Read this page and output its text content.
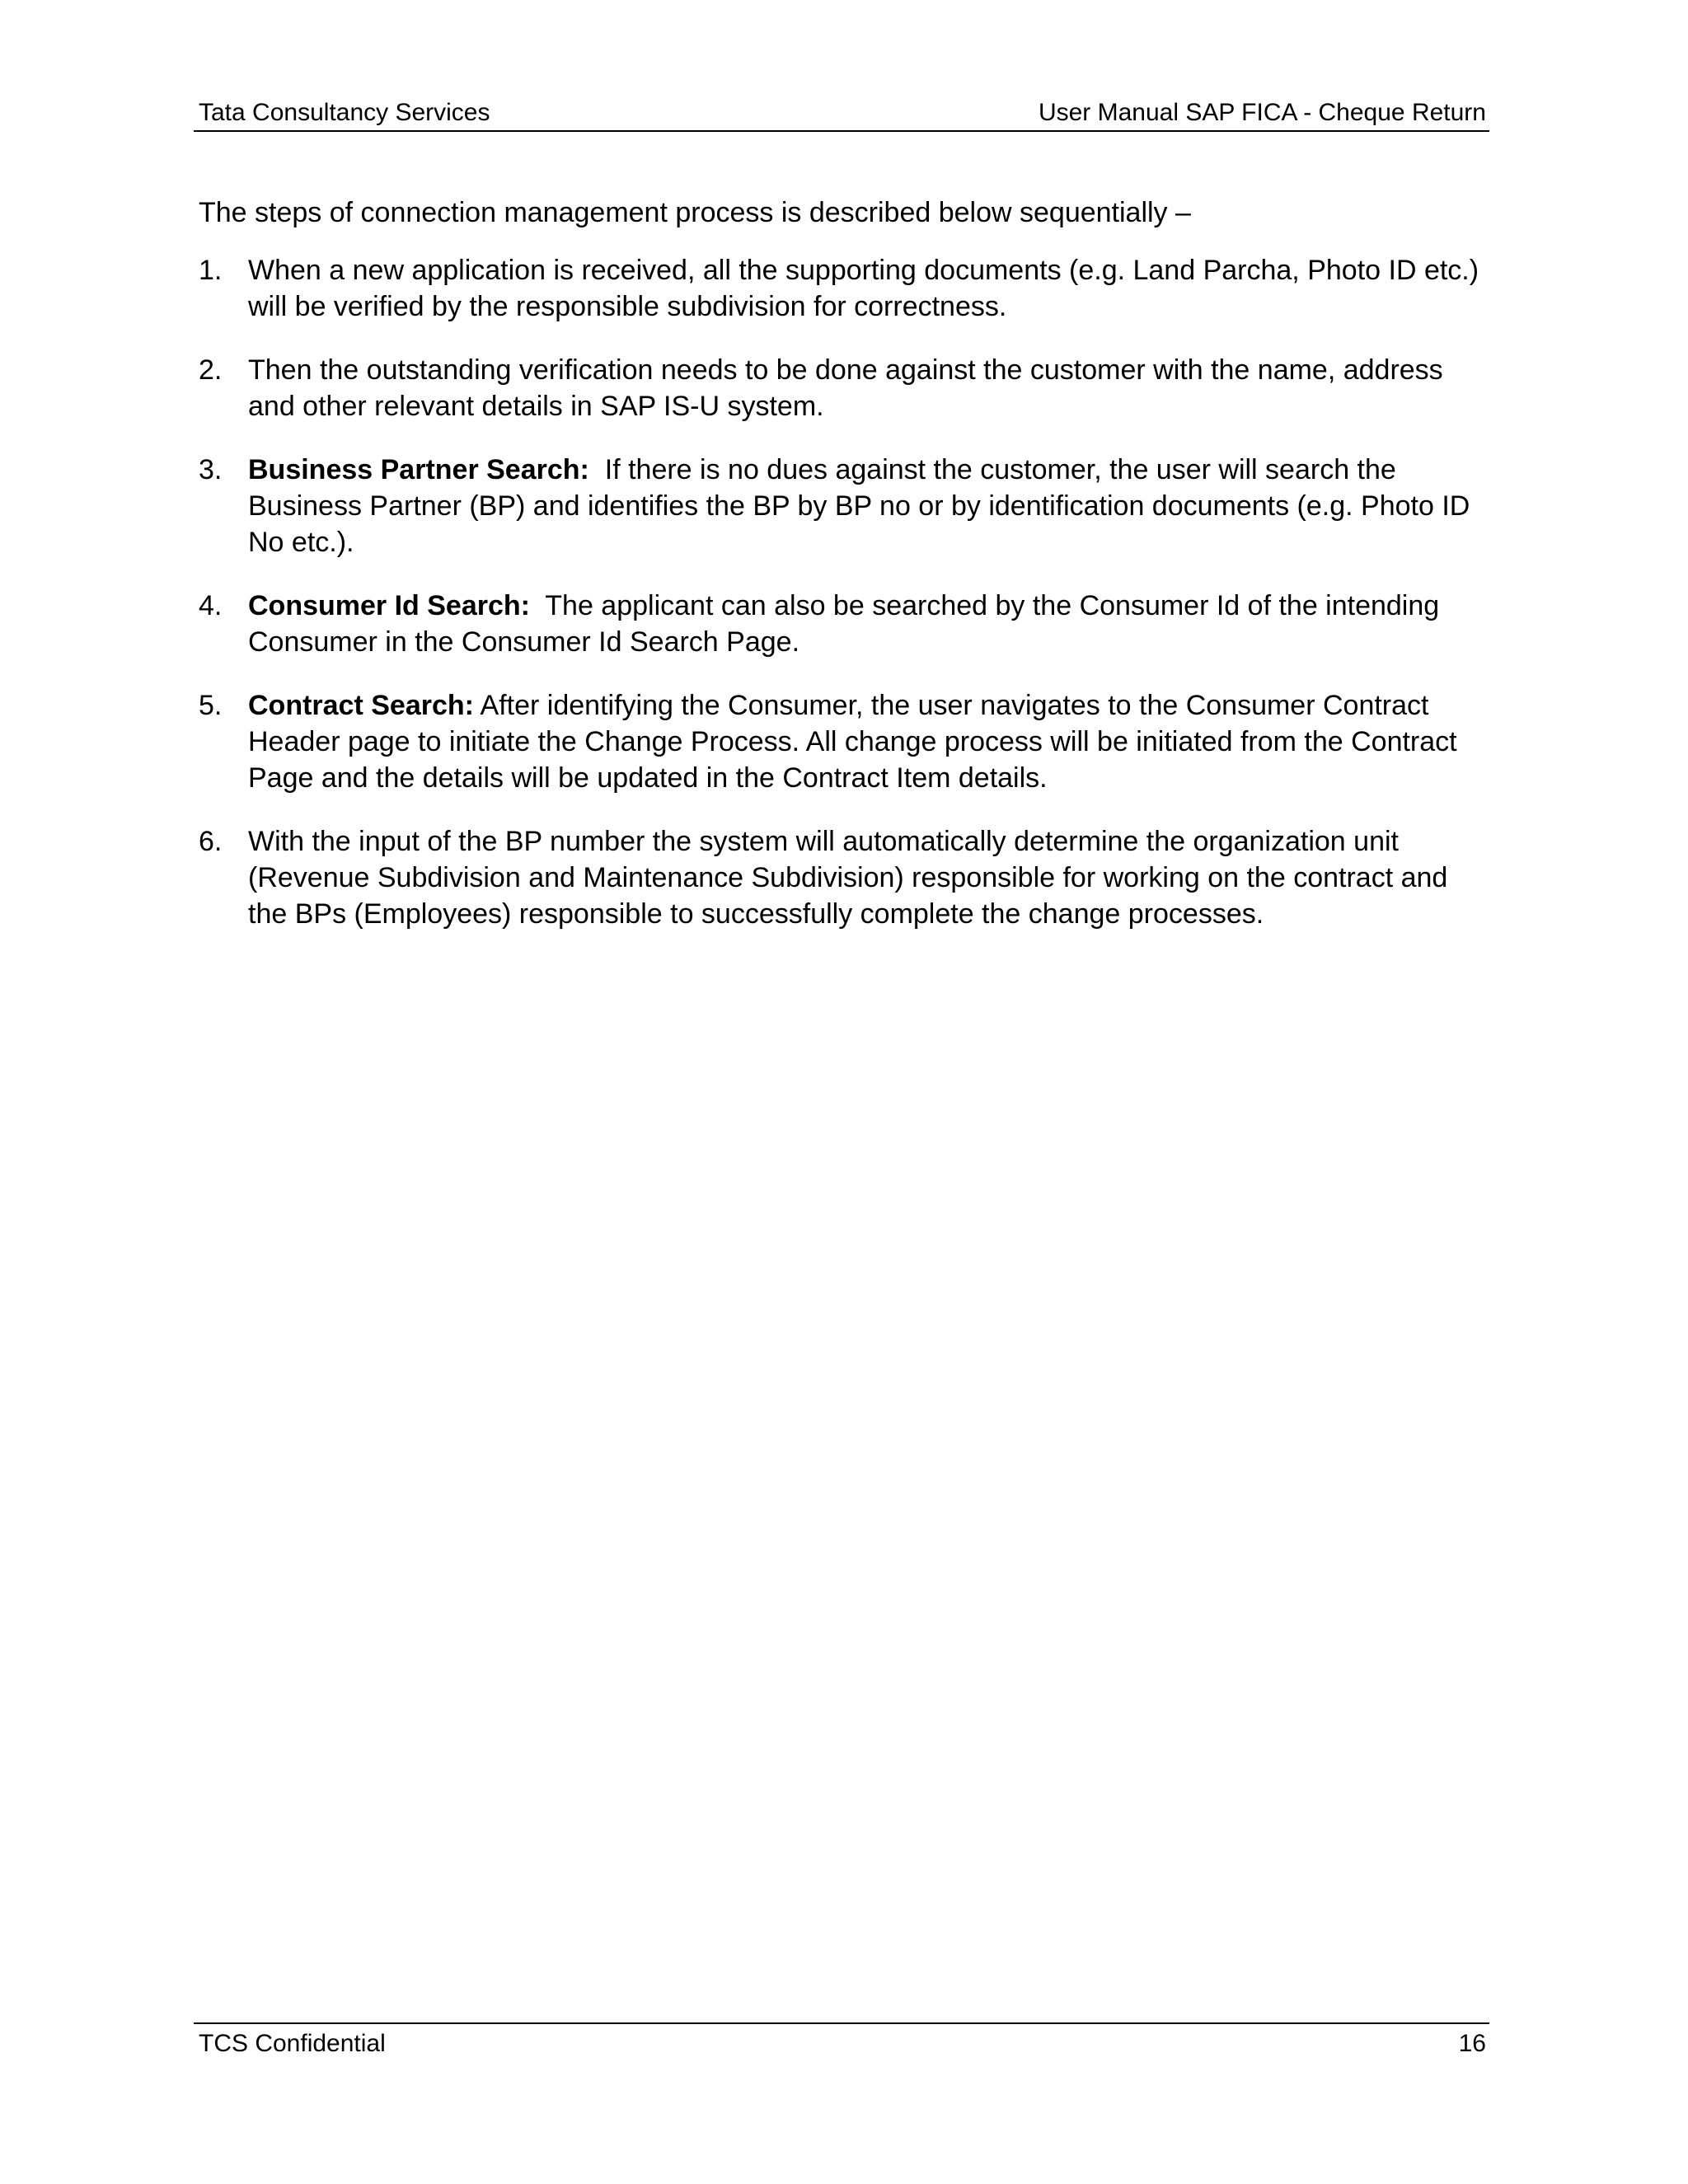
Tata Consultancy Services	User Manual SAP FICA - Cheque Return

The steps of connection management process is described below sequentially –

1. When a new application is received, all the supporting documents (e.g. Land Parcha, Photo ID etc.) will be verified by the responsible subdivision for correctness.
2. Then the outstanding verification needs to be done against the customer with the name, address and other relevant details in SAP IS-U system.
3. Business Partner Search: If there is no dues against the customer, the user will search the Business Partner (BP) and identifies the BP by BP no or by identification documents (e.g. Photo ID No etc.).
4. Consumer Id Search: The applicant can also be searched by the Consumer Id of the intending Consumer in the Consumer Id Search Page.
5. Contract Search: After identifying the Consumer, the user navigates to the Consumer Contract Header page to initiate the Change Process. All change process will be initiated from the Contract Page and the details will be updated in the Contract Item details.
6. With the input of the BP number the system will automatically determine the organization unit (Revenue Subdivision and Maintenance Subdivision) responsible for working on the contract and the BPs (Employees) responsible to successfully complete the change processes.
TCS Confidential	16
